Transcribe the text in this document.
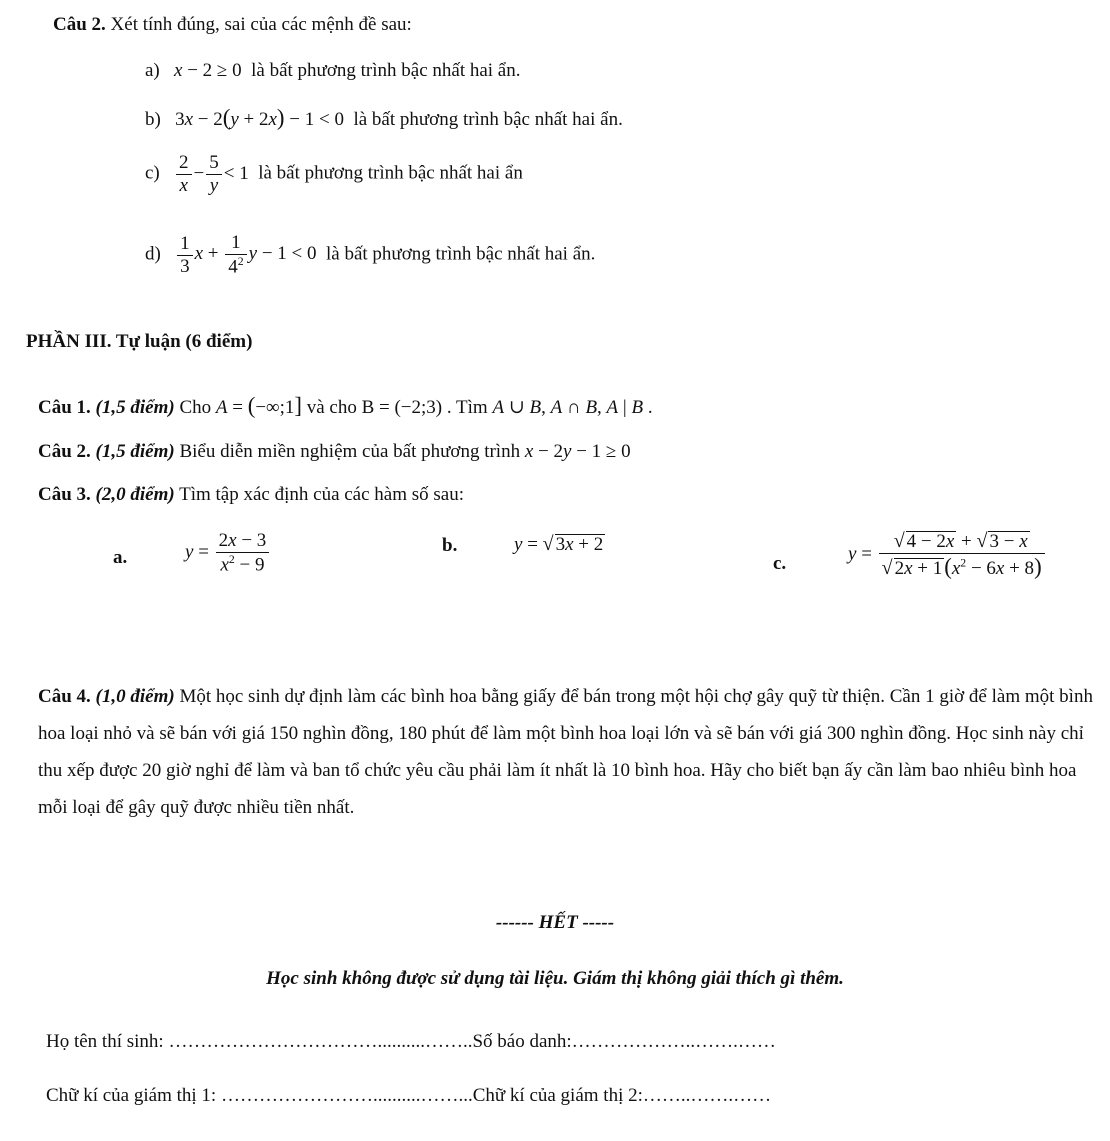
Câu 2. Xét tính đúng, sai của các mệnh đề sau:
a) x − 2 ≥ 0  là bất phương trình bậc nhất hai ẩn.
b) 3x − 2(y + 2x) − 1 < 0 là bất phương trình bậc nhất hai ẩn.
$c) \frac{2}{x} - \frac{5}{y} < 1$ là bất phương trình bậc nhất hai ẩn
$d) \frac{1}{3}$ $x + \frac{1}{4^2}$ y − 1 < 0 là bất phương trình bậc nhất hai ẩn.
PHẦN III. Tự luận (6 điểm)
Câu 1. (1,5 điểm) Cho A = (−∞;1] và cho B = (−2;3) . Tìm A ∪ B, A ∩ B, A | B .
Câu 2. (1,5 điểm) Biểu diễn miền nghiệm của bất phương trình x − 2y − 1 ≥ 0
Câu 3. (2,0 điểm) Tìm tập xác định của các hàm số sau:
a.	$y = \frac{2x - 3}{x^2 - 9}$	b.	y = √ 3x + 2
c.	$y = \frac{√ 4 - 2x + √ 3 - x}{√ 2x + 1(x^2 - 6x + 8)}$
Câu 4. (1,0 điểm) Một học sinh dự định làm các bình hoa bằng giấy để bán trong một hội chợ gây quỹ từ thiện. Cần 1 giờ để làm một bình hoa loại nhỏ và sẽ bán với giá 150 nghìn đồng, 180 phút để làm một bình hoa loại lớn và sẽ bán với giá 300 nghìn đồng. Học sinh này chỉ thu xếp được 20 giờ nghỉ để làm và ban tổ chức yêu cầu phải làm ít nhất là 10 bình hoa. Hãy cho biết bạn ấy cần làm bao nhiêu bình hoa mỗi loại để gây quỹ được nhiều tiền nhất.
------ HẾT -----
Học sinh không được sử dụng tài liệu. Giám thị không giải thích gì thêm.
Họ tên thí sinh: ……………………………..........……..Số báo danh:………………..…….……
Chữ kí của giám thị 1: ……………………..........……...Chữ kí của giám thị 2:……..…….……
